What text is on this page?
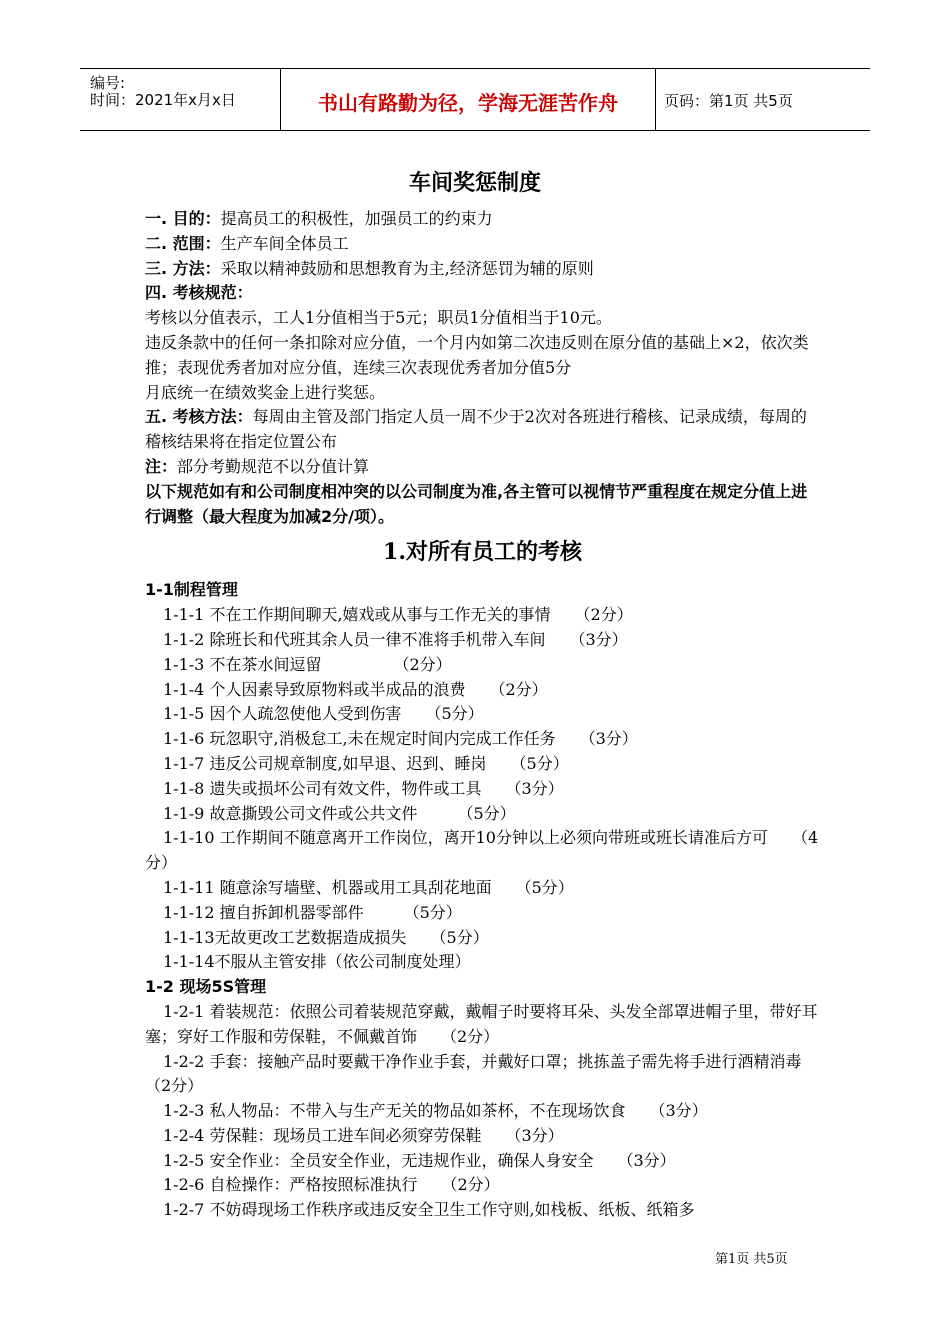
编号:
时间：2021年x月x日	书山有路勤为径，学海无涯苦作舟	页码：第1页 共5页
车间奖惩制度

一. 目的：提高员工的积极性，加强员工的约束力

二. 范围：生产车间全体员工

三. 方法：采取以精神鼓励和思想教育为主,经济惩罚为辅的原则

四. 考核规范：

考核以分值表示，工人1分值相当于5元；职员1分值相当于10元。

违反条款中的任何一条扣除对应分值，一个月内如第二次违反则在原分值的基础上×2，依次类推；表现优秀者加对应分值，连续三次表现优秀者加分值5分

月底统一在绩效奖金上进行奖惩。

五. 考核方法：每周由主管及部门指定人员一周不少于2次对各班进行稽核、记录成绩，每周的稽核结果将在指定位置公布

注：部分考勤规范不以分值计算

以下规范如有和公司制度相冲突的以公司制度为准,各主管可以视情节严重程度在规定分值上进行调整（最大程度为加减2分/项）。

1.对所有员工的考核

1-1制程管理

1-1-1 不在工作期间聊天,嬉戏或从事与工作无关的事情　　（2分）

1-1-2 除班长和代班其余人员一律不准将手机带入车间　　（3分）

1-1-3 不在茶水间逗留　　　　　（2分）

1-1-4 个人因素导致原物料或半成品的浪费　　（2分）

1-1-5 因个人疏忽使他人受到伤害　　（5分）

1-1-6 玩忽职守,消极怠工,未在规定时间内完成工作任务　　（3分）

1-1-7 违反公司规章制度,如早退、迟到、睡岗　　（5分）

1-1-8 遗失或损坏公司有效文件，物件或工具　　（3分）

1-1-9 故意撕毁公司文件或公共文件　　　（5分）

1-1-10 工作期间不随意离开工作岗位，离开10分钟以上必须向带班或班长请准后方可　　（4分）

1-1-11 随意涂写墙壁、机器或用工具刮花地面　　（5分）

1-1-12 擅自拆卸机器零部件　　　（5分）

1-1-13无故更改工艺数据造成损失　　（5分）

1-1-14不服从主管安排（依公司制度处理）

1-2 现场5S管理

1-2-1 着装规范：依照公司着装规范穿戴，戴帽子时要将耳朵、头发全部罩进帽子里，带好耳塞；穿好工作服和劳保鞋，不佩戴首饰　　（2分）

1-2-2 手套：接触产品时要戴干净作业手套，并戴好口罩；挑拣盖子需先将手进行酒精消毒　　（2分）

1-2-3 私人物品：不带入与生产无关的物品如茶杯，不在现场饮食　　（3分）

1-2-4 劳保鞋：现场员工进车间必须穿劳保鞋　　（3分）

1-2-5 安全作业：全员安全作业，无违规作业，确保人身安全　　（3分）

1-2-6 自检操作：严格按照标准执行　　（2分）

1-2-7 不妨碍现场工作秩序或违反安全卫生工作守则,如栈板、纸板、纸箱多

第1页 共5页
